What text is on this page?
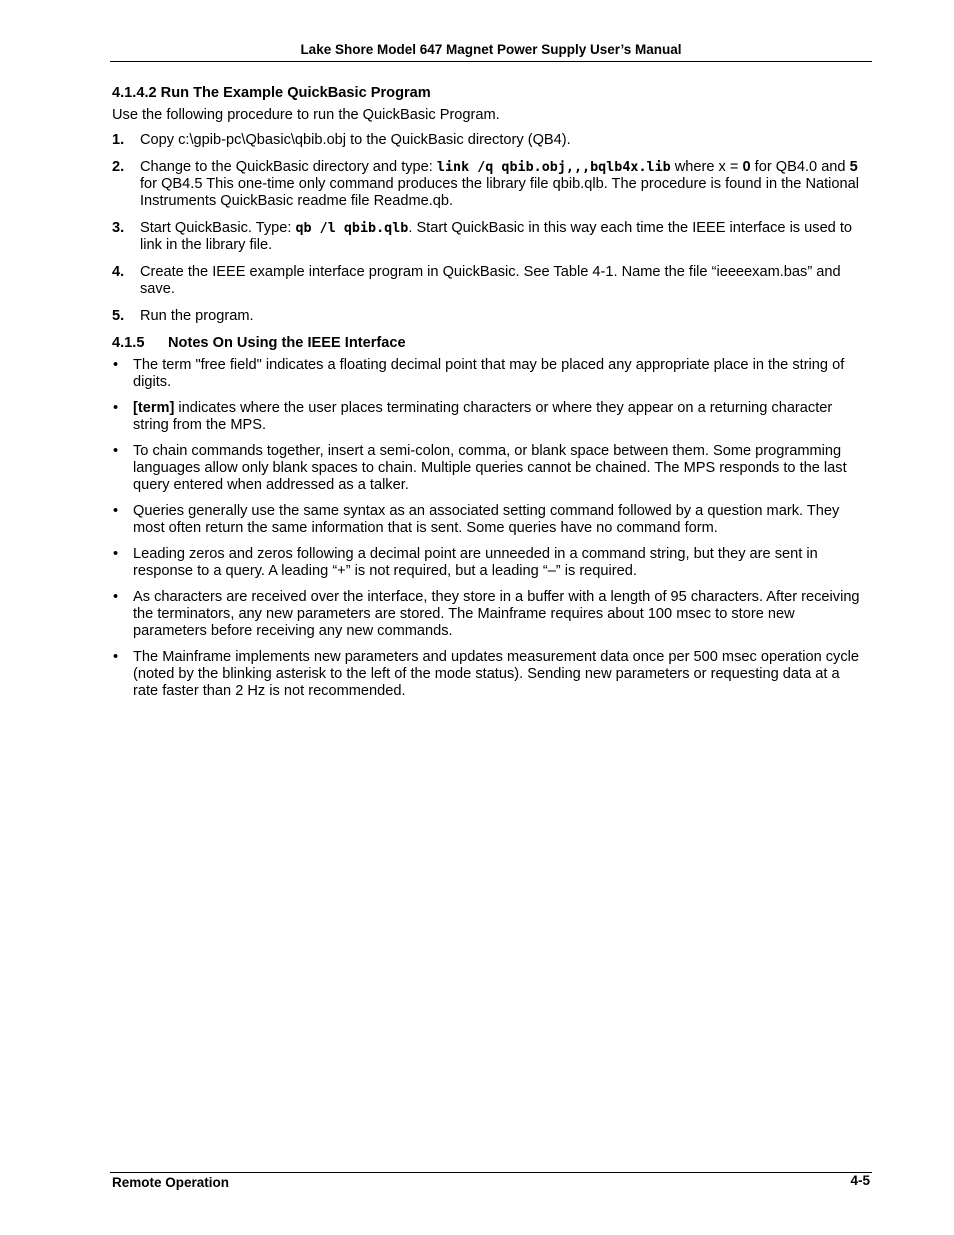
Lake Shore Model 647 Magnet Power Supply User’s Manual
4.1.4.2 Run The Example QuickBasic Program

Use the following procedure to run the QuickBasic Program.

1. Copy c:\gpib-pc\Qbasic\qbib.obj to the QuickBasic directory (QB4).
2. Change to the QuickBasic directory and type: link /q qbib.obj,,,bqlb4x.lib where x = 0 for QB4.0 and 5 for QB4.5 This one-time only command produces the library file qbib.qlb. The procedure is found in the National Instruments QuickBasic readme file Readme.qb.
3. Start QuickBasic. Type: qb /l qbib.qlb. Start QuickBasic in this way each time the IEEE interface is used to link in the library file.
4. Create the IEEE example interface program in QuickBasic. See Table 4-1. Name the file “ieeeexam.bas” and save.
5. Run the program.
4.1.5 Notes On Using the IEEE Interface
• The term "free field" indicates a floating decimal point that may be placed any appropriate place in the string of digits.
• [term] indicates where the user places terminating characters or where they appear on a returning character string from the MPS.
• To chain commands together, insert a semi-colon, comma, or blank space between them. Some programming languages allow only blank spaces to chain. Multiple queries cannot be chained. The MPS responds to the last query entered when addressed as a talker.
• Queries generally use the same syntax as an associated setting command followed by a question mark. They most often return the same information that is sent. Some queries have no command form.
• Leading zeros and zeros following a decimal point are unneeded in a command string, but they are sent in response to a query. A leading “+” is not required, but a leading “–” is required.
• As characters are received over the interface, they store in a buffer with a length of 95 characters. After receiving the terminators, any new parameters are stored. The Mainframe requires about 100 msec to store new parameters before receiving any new commands.
• The Mainframe implements new parameters and updates measurement data once per 500 msec operation cycle (noted by the blinking asterisk to the left of the mode status). Sending new parameters or requesting data at a rate faster than 2 Hz is not recommended.
Remote Operation	4-5
